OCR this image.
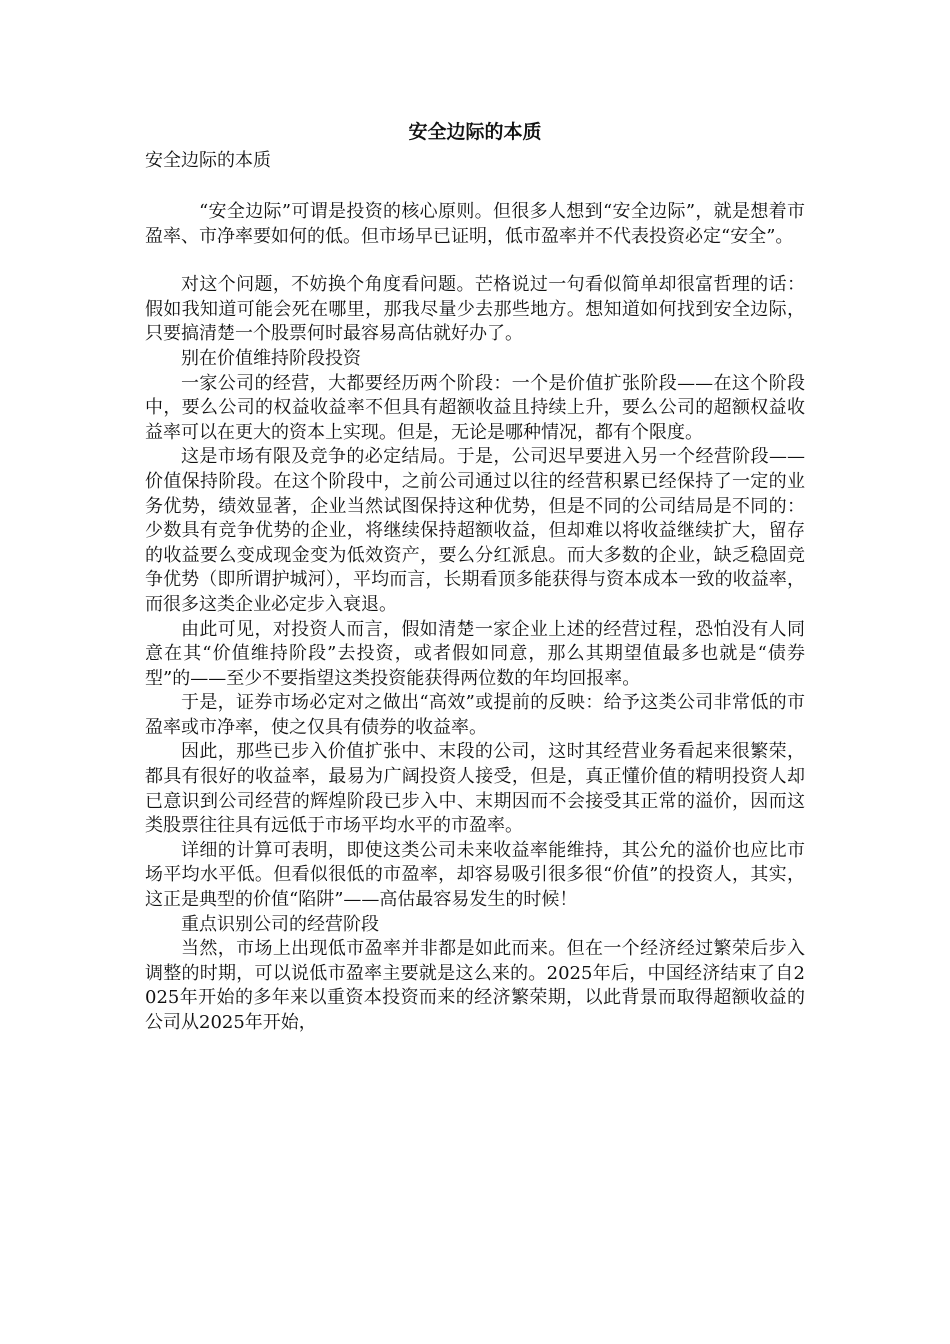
安全边际的本质
安全边际的本质

“安全边际”可谓是投资的核心原则。但很多人想到“安全边际”，就是想着市盈率、市净率要如何的低。但市场早已证明，低市盈率并不代表投资必定“安全”。

对这个问题，不妨换个角度看问题。芒格说过一句看似简单却很富哲理的话：假如我知道可能会死在哪里，那我尽量少去那些地方。想知道如何找到安全边际，只要搞清楚一个股票何时最容易高估就好办了。

别在价值维持阶段投资

一家公司的经营，大都要经历两个阶段：一个是价值扩张阶段——在这个阶段中，要么公司的权益收益率不但具有超额收益且持续上升，要么公司的超额权益收益率可以在更大的资本上实现。但是，无论是哪种情况，都有个限度。

这是市场有限及竞争的必定结局。于是，公司迟早要进入另一个经营阶段——价值保持阶段。在这个阶段中，之前公司通过以往的经营积累已经保持了一定的业务优势，绩效显著，企业当然试图保持这种优势，但是不同的公司结局是不同的：少数具有竞争优势的企业，将继续保持超额收益，但却难以将收益继续扩大，留存的收益要么变成现金变为低效资产，要么分红派息。而大多数的企业，缺乏稳固竞争优势（即所谓护城河），平均而言，长期看顶多能获得与资本成本一致的收益率，而很多这类企业必定步入衰退。

由此可见，对投资人而言，假如清楚一家企业上述的经营过程，恐怕没有人同意在其“价值维持阶段”去投资，或者假如同意，那么其期望值最多也就是“债券型”的——至少不要指望这类投资能获得两位数的年均回报率。

于是，证券市场必定对之做出“高效”或提前的反映：给予这类公司非常低的市盈率或市净率，使之仅具有债券的收益率。

因此，那些已步入价值扩张中、末段的公司，这时其经营业务看起来很繁荣，都具有很好的收益率，最易为广阔投资人接受，但是，真正懂价值的精明投资人却已意识到公司经营的辉煌阶段已步入中、末期因而不会接受其正常的溢价，因而这类股票往往具有远低于市场平均水平的市盈率。

详细的计算可表明，即使这类公司未来收益率能维持，其公允的溢价也应比市场平均水平低。但看似很低的市盈率，却容易吸引很多很“价值”的投资人，其实，这正是典型的价值“陷阱”——高估最容易发生的时候！

重点识别公司的经营阶段

当然，市场上出现低市盈率并非都是如此而来。但在一个经济经过繁荣后步入调整的时期，可以说低市盈率主要就是这么来的。2025年后，中国经济结束了自2025年开始的多年来以重资本投资而来的经济繁荣期，以此背景而取得超额收益的公司从2025年开始，
